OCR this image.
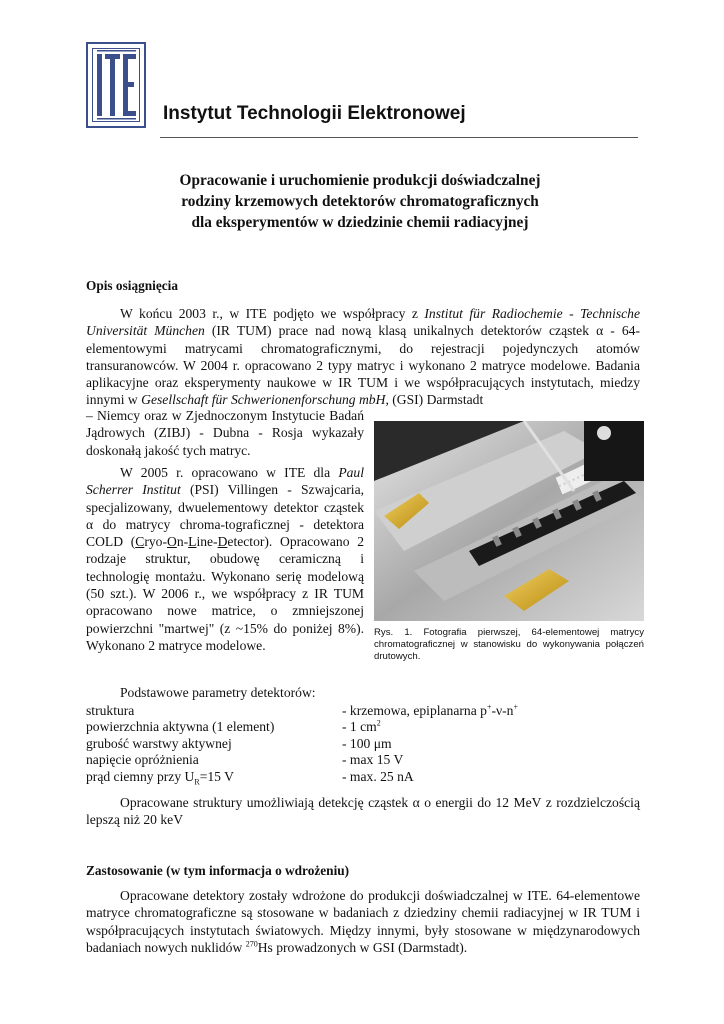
Instytut Technologii Elektronowej
Opracowanie i uruchomienie produkcji doświadczalnej
rodziny krzemowych detektorów chromatograficznych
dla eksperymentów w dziedzinie chemii radiacyjnej
Opis osiągnięcia
W końcu 2003 r., w ITE podjęto we współpracy z Institut für Radiochemie - Technische Universität München (IR TUM) prace nad nową klasą unikalnych detektorów cząstek α - 64-elementowymi matrycami chromatograficznymi, do rejestracji pojedynczych atomów transuranowców. W 2004 r. opracowano 2 typy matryc i wykonano 2 matryce modelowe. Badania aplikacyjne oraz eksperymenty naukowe w IR TUM i we współpracujących instytutach, miedzy innymi w Gesellschaft für Schwerionenforschung mbH, (GSI) Darmstadt
– Niemcy oraz w Zjednoczonym Instytucie Badań Jądrowych (ZIBJ) - Dubna - Rosja wykazały doskonałą jakość tych matryc.
W 2005 r. opracowano w ITE dla Paul Scherrer Institut (PSI) Villingen - Szwajcaria, specjalizowany, dwuelementowy detektor cząstek α do matrycy chroma-tograficznej - detektora COLD (Cryo-On-Line-Detector). Opracowano 2 rodzaje struktur, obudowę ceramiczną i technologię montażu. Wykonano serię modelową (50 szt.). W 2006 r., we współpracy z IR TUM opracowano nowe matrice, o zmniejszonej powierzchni "martwej" (z ~15% do poniżej 8%). Wykonano 2 matryce modelowe.
Rys. 1. Fotografia pierwszej, 64-elementowej matrycy chromatograficznej w stanowisku do wykonywania połączeń drutowych.
Podstawowe parametry detektorów:
struktura	- krzemowa, epiplanarna p+-ν-n+
powierzchnia aktywna (1 element)	- 1 $cm^2$
grubość warstwy aktywnej	- 100 μm
napięcie opróżnienia	- max 15 V
prąd ciemny przy $U_R=15$ V	- max. 25 nA
Opracowane struktury umożliwiają detekcję cząstek α o energii do 12 MeV z rozdzielczością lepszą niż 20 keV
Zastosowanie (w tym informacja o wdrożeniu)
Opracowane detektory zostały wdrożone do produkcji doświadczalnej w ITE. 64-elementowe matryce chromatograficzne są stosowane w badaniach z dziedziny chemii radiacyjnej w IR TUM i współpracujących instytutach światowych. Między innymi, były stosowane w międzynarodowych badaniach nowych nuklidów $^{270}$Hs prowadzonych w GSI (Darmstadt).
